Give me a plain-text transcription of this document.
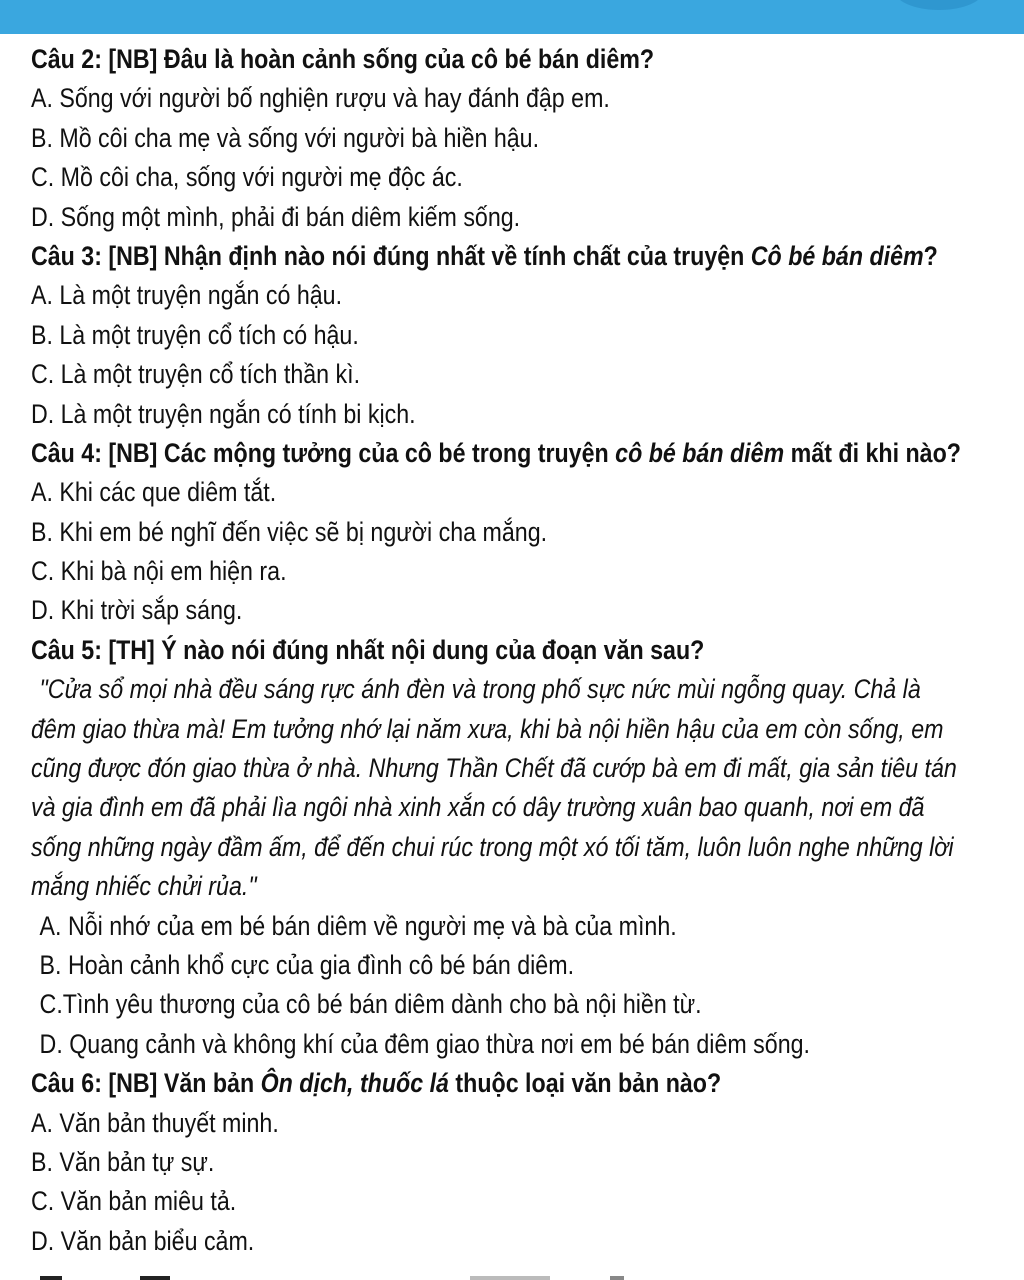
Câu 2: [NB] Đâu là hoàn cảnh sống của cô bé bán diêm?
A. Sống với người bố nghiện rượu và hay đánh đập em.
B. Mồ côi cha mẹ và sống với người bà hiền hậu.
C. Mồ côi cha, sống với người mẹ độc ác.
D. Sống một mình, phải đi bán diêm kiếm sống.
Câu 3: [NB] Nhận định nào nói đúng nhất về tính chất của truyện Cô bé bán diêm?
A. Là một truyện ngắn có hậu.
B. Là một truyện cổ tích có hậu.
C. Là một truyện cổ tích thần kì.
D. Là một truyện ngắn có tính bi kịch.
Câu 4: [NB] Các mộng tưởng của cô bé trong truyện cô bé bán diêm mất đi khi nào?
A. Khi các que diêm tắt.
B. Khi em bé nghĩ đến việc sẽ bị người cha mắng.
C. Khi bà nội em hiện ra.
D. Khi trời sắp sáng.
Câu 5: [TH] Ý nào nói đúng nhất nội dung của đoạn văn sau?
"Cửa sổ mọi nhà đều sáng rực ánh đèn và trong phố sực nức mùi ngỗng quay. Chả là
đêm giao thừa mà! Em tưởng nhớ lại năm xưa, khi bà nội hiền hậu của em còn sống, em
cũng được đón giao thừa ở nhà. Nhưng Thần Chết đã cướp bà em đi mất, gia sản tiêu tán
và gia đình em đã phải lìa ngôi nhà xinh xắn có dây trường xuân bao quanh, nơi em đã
sống những ngày đầm ấm, để đến chui rúc trong một xó tối tăm, luôn luôn nghe những lời
mắng nhiếc chửi rủa."
A. Nỗi nhớ của em bé bán diêm về người mẹ và bà của mình.
B. Hoàn cảnh khổ cực của gia đình cô bé bán diêm.
C.Tình yêu thương của cô bé bán diêm dành cho bà nội hiền từ.
D. Quang cảnh và không khí của đêm giao thừa nơi em bé bán diêm sống.
Câu 6: [NB] Văn bản Ôn dịch, thuốc lá thuộc loại văn bản nào?
A. Văn bản thuyết minh.
B. Văn bản tự sự.
C. Văn bản miêu tả.
D. Văn bản biểu cảm.
